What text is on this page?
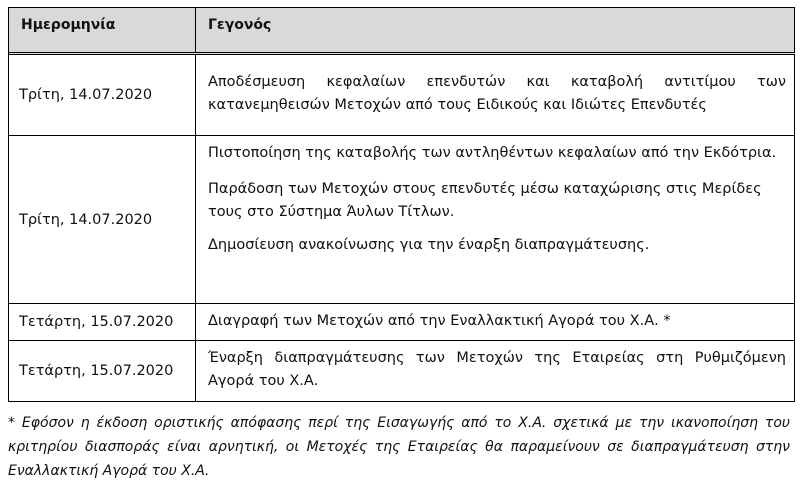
Ημερομηνία	Γεγονός
Τρίτη, 14.07.2020

Αποδέσμευση κεφαλαίων επενδυτών και καταβολή αντιτίμου των κατανεμηθεισών Μετοχών από τους Ειδικούς και Ιδιώτες Επενδυτές

Τρίτη, 14.07.2020

Πιστοποίηση της καταβολής των αντληθέντων κεφαλαίων από την Εκδότρια.

Παράδοση των Μετοχών στους επενδυτές μέσω καταχώρισης στις Μερίδες τους στο Σύστημα Άυλων Τίτλων.

Δημοσίευση ανακοίνωσης για την έναρξη διαπραγμάτευσης.

Τετάρτη, 15.07.2020 Διαγραφή των Μετοχών από την Εναλλακτική Αγορά του Χ.Α. *

Τετάρτη, 15.07.2020

Έναρξη διαπραγμάτευσης των Μετοχών της Εταιρείας στη Ρυθμιζόμενη Αγορά του Χ.Α.

* Εφόσον η έκδοση οριστικής απόφασης περί της Εισαγωγής από το Χ.Α. σχετικά με την ικανοποίηση του κριτηρίου διασποράς είναι αρνητική, οι Μετοχές της Εταιρείας θα παραμείνουν σε διαπραγμάτευση στην Εναλλακτική Αγορά του Χ.Α.
